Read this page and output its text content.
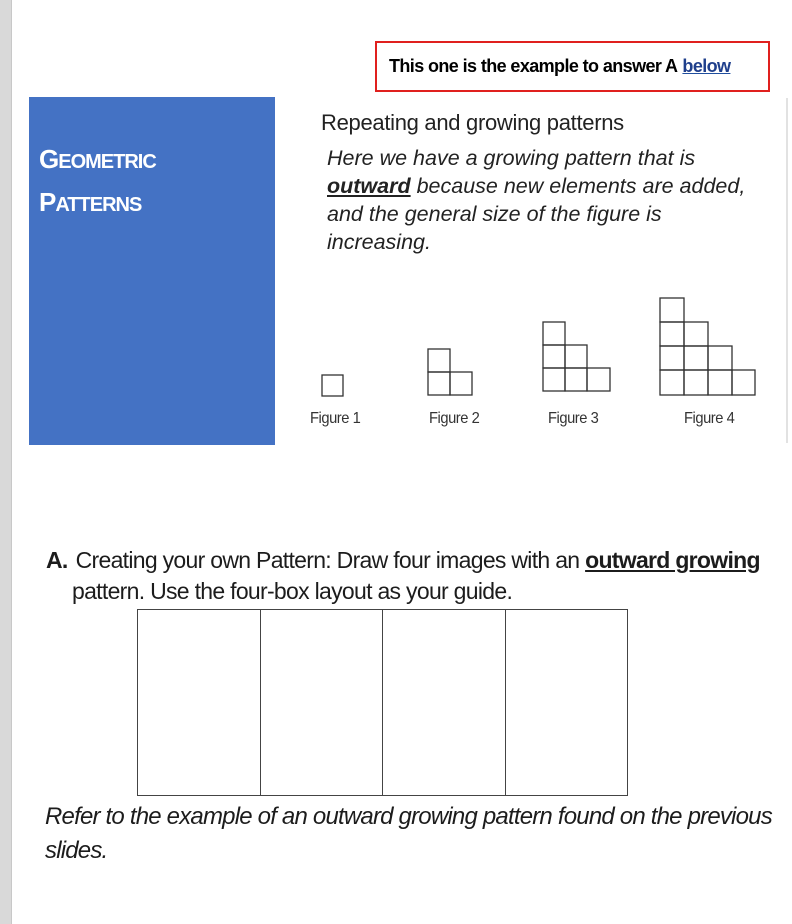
This one is the example to answer A below
GEOMETRIC
PATTERNS
Repeating and growing patterns
Here we have a growing pattern that is
outward because new elements are added, and the general size of the figure is increasing.
Figure 1	Figure 2	Figure 3	Figure 4
A. Creating your own Pattern: Draw four images with an outward growing
pattern. Use the four-box layout as your guide.
Refer to the example of an outward growing pattern found on the previous slides.
